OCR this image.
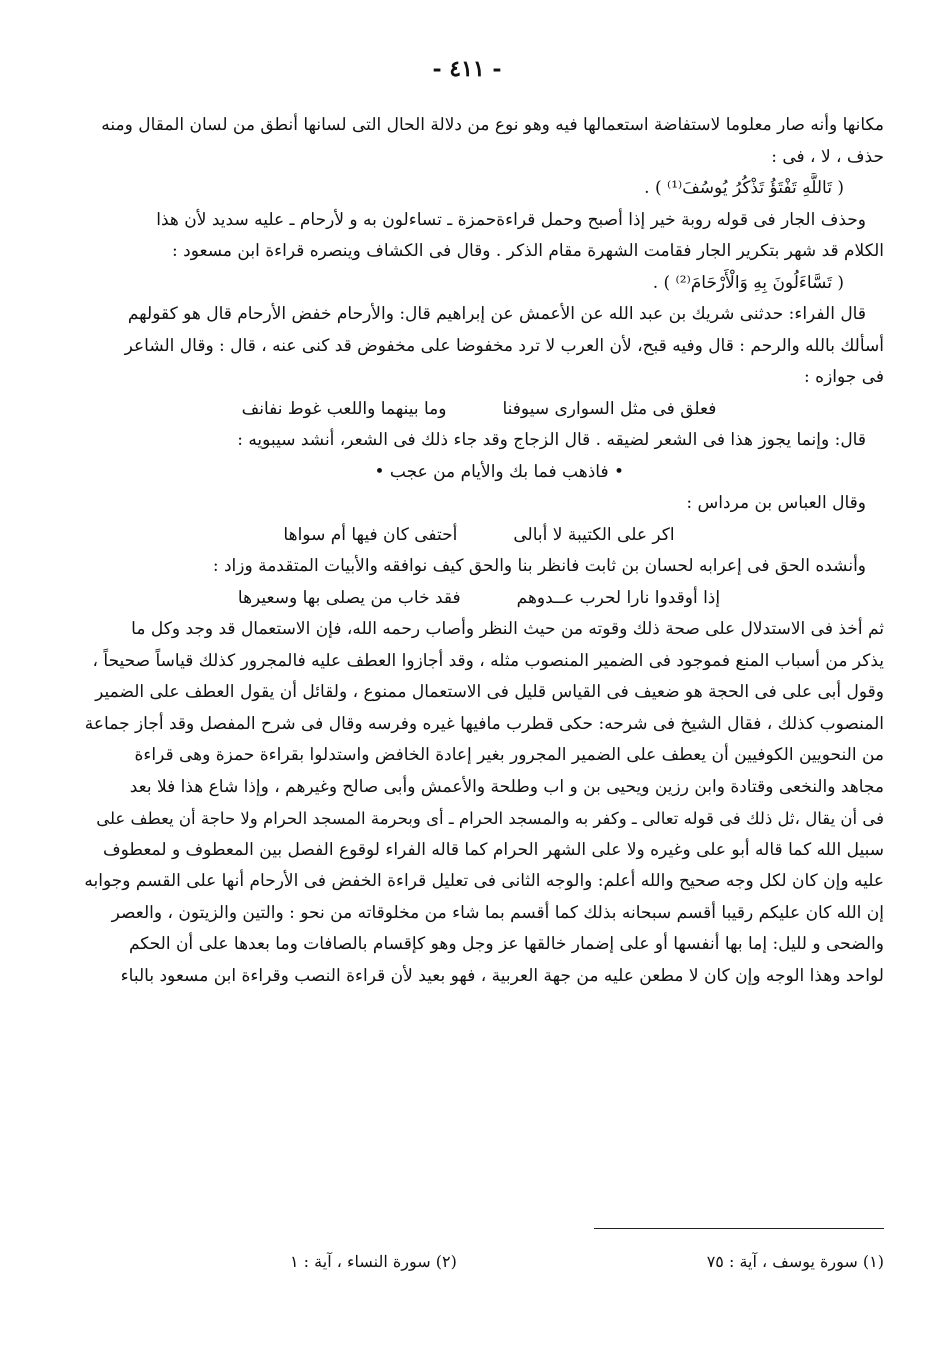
- ٤١١ -
مكانها وأنه صار معلوما لاستفاضة استعمالها فيه وهو نوع من دلالة الحال التى لسانها أنطق من لسان المقال ومنه
حذف ، لا ، فى :
( تَاللَّهِ تَفْتَؤُ تَذْكُرُ يُوسُفَ⁽¹⁾ ) .
وحذف الجار فى قوله روبة خير إذا أصبح وحمل قراءةحمزة ـ تساءلون به و لأرحام ـ عليه سديد لأن هذا
الكلام قد شهر بتكرير الجار فقامت الشهرة مقام الذكر . وقال فى الكشاف وينصره قراءة ابن مسعود :
( تَسَّاءَلُونَ بِهِ وَالْأَرْحَامَ⁽²⁾ ) .
قال الفراء: حدثنى شريك بن عبد الله عن الأعمش عن إبراهيم قال: والأرحام خفض الأرحام قال هو كقولهم
أسألك بالله والرحم : قال وفيه قبح، لأن العرب لا ترد مخفوضا على مخفوض قد كنى عنه ، قال : وقال الشاعر
فى جوازه :
فعلق فى مثل السوارى سيوفنا
وما بينهما واللعب غوط نفانف
قال: وإنما يجوز هذا فى الشعر لضيقه . قال الزجاج وقد جاء ذلك فى الشعر، أنشد سيبويه :
• فاذهب فما بك والأيام من عجب •
وقال العباس بن مرداس :
اكر على الكتيبة لا أبالى
أحتفى كان فيها أم سواها
وأنشده الحق فى إعرابه لحسان بن ثابت فانظر بنا والحق كيف نوافقه والأبيات المتقدمة وزاد :
إذا أوقدوا نارا لحرب عــدوهم
فقد خاب من يصلى بها وسعيرها
ثم أخذ فى الاستدلال على صحة ذلك وقوته من حيث النظر وأصاب رحمه الله، فإن الاستعمال قد وجد وكل ما
يذكر من أسباب المنع فموجود فى الضمير المنصوب مثله ، وقد أجازوا العطف عليه فالمجرور كذلك قياساً صحيحاً ،
وقول أبى على فى الحجة هو ضعيف فى القياس قليل فى الاستعمال ممنوع ، ولقائل أن يقول العطف على الضمير
المنصوب كذلك ، فقال الشيخ فى شرحه: حكى قطرب مافيها غيره وفرسه وقال فى شرح المفصل وقد أجاز جماعة
من النحويين الكوفيين أن يعطف على الضمير المجرور بغير إعادة الخافض واستدلوا بقراءة حمزة وهى قراءة
مجاهد والنخعى وقتادة وابن رزين ويحيى بن و اب وطلحة والأعمش وأبى صالح وغيرهم ، وإذا شاع هذا فلا بعد
فى أن يقال ،ثل ذلك فى قوله تعالى ـ وكفر به والمسجد الحرام ـ أى وبحرمة المسجد الحرام ولا حاجة أن يعطف على
سبيل الله كما قاله أبو على وغيره ولا على الشهر الحرام كما قاله الفراء لوقوع الفصل بين المعطوف و لمعطوف
عليه وإن كان لكل وجه صحيح والله أعلم: والوجه الثانى فى تعليل قراءة الخفض فى الأرحام أنها على القسم وجوابه
إن الله كان عليكم رقيبا أقسم سبحانه بذلك كما أقسم بما شاء من مخلوقاته من نحو : والتين والزيتون ، والعصر
والضحى و لليل: إما بها أنفسها أو على إضمار خالقها عز وجل وهو كإقسام بالصافات وما بعدها على أن الحكم
لواحد وهذا الوجه وإن كان لا مطعن عليه من جهة العربية ، فهو بعيد لأن قراءة النصب وقراءة ابن مسعود بالباء
(١) سورة يوسف ، آية : ٧٥
(٢) سورة النساء ، آية : ١
